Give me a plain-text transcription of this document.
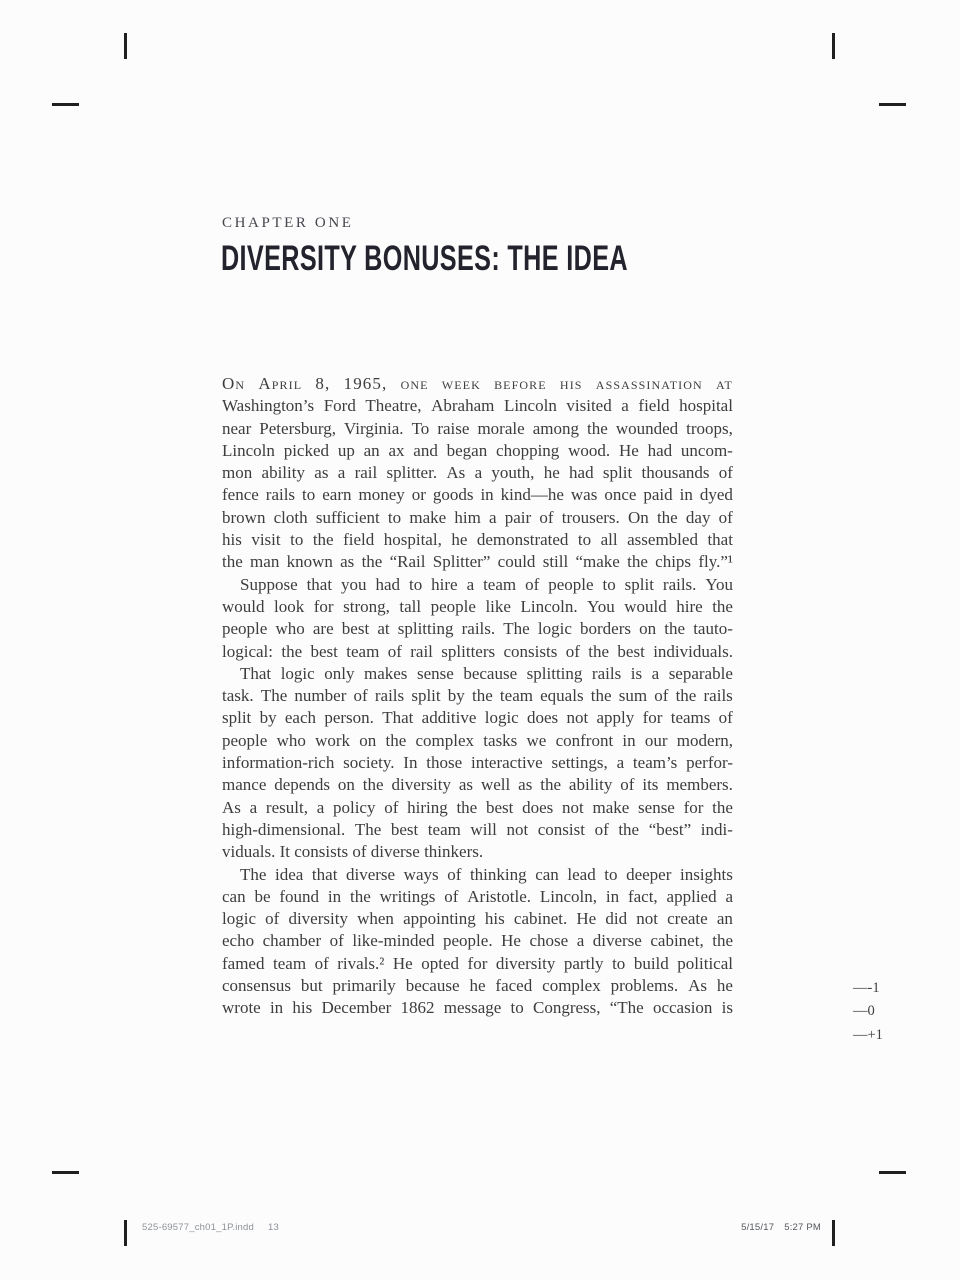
CHAPTER ONE
DIVERSITY BONUSES: THE IDEA
On April 8, 1965, one week before his assassination at
Washington’s Ford Theatre, Abraham Lincoln visited a field hospital
near Petersburg, Virginia. To raise morale among the wounded troops,
Lincoln picked up an ax and began chopping wood. He had uncom-
mon ability as a rail splitter. As a youth, he had split thousands of
fence rails to earn money or goods in kind—he was once paid in dyed
brown cloth sufficient to make him a pair of trousers. On the day of
his visit to the field hospital, he demonstrated to all assembled that
the man known as the “Rail Splitter” could still “make the chips fly.”¹
Suppose that you had to hire a team of people to split rails. You
would look for strong, tall people like Lincoln. You would hire the
people who are best at splitting rails. The logic borders on the tauto-
logical: the best team of rail splitters consists of the best individuals.
That logic only makes sense because splitting rails is a separable
task. The number of rails split by the team equals the sum of the rails
split by each person. That additive logic does not apply for teams of
people who work on the complex tasks we confront in our modern,
information-rich society. In those interactive settings, a team’s perfor-
mance depends on the diversity as well as the ability of its members.
As a result, a policy of hiring the best does not make sense for the
high-dimensional. The best team will not consist of the “best” indi-
viduals. It consists of diverse thinkers.
The idea that diverse ways of thinking can lead to deeper insights
can be found in the writings of Aristotle. Lincoln, in fact, applied a
logic of diversity when appointing his cabinet. He did not create an
echo chamber of like-minded people. He chose a diverse cabinet, the
famed team of rivals.² He opted for diversity partly to build political
consensus but primarily because he faced complex problems. As he
wrote in his December 1862 message to Congress, “The occasion is
—-1
—0
—+1
525-69577_ch01_1P.indd 13	5/15/17 5:27 PM
